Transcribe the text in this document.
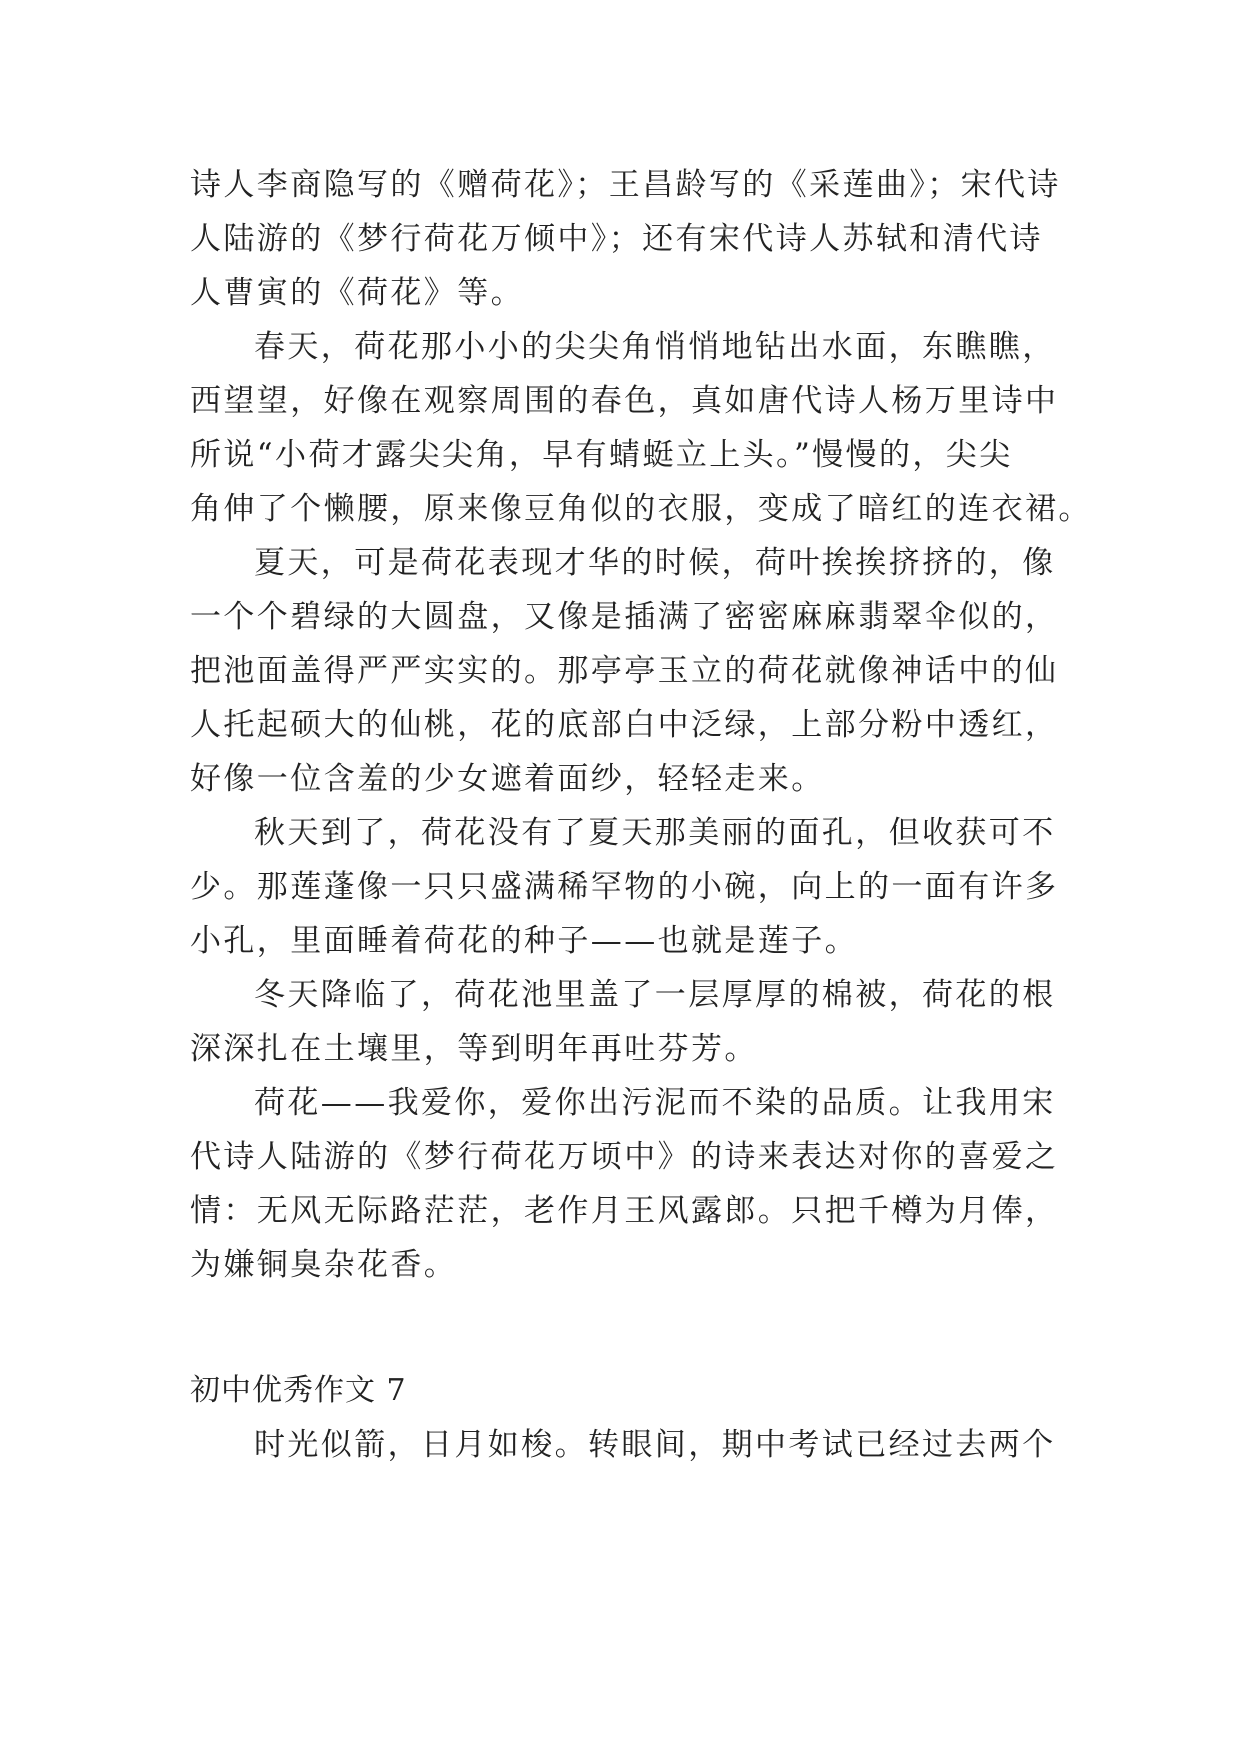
诗人李商隐写的《赠荷花》；王昌龄写的《采莲曲》；宋代诗
人陆游的《梦行荷花万倾中》；还有宋代诗人苏轼和清代诗
人曹寅的《荷花》等。
春天，荷花那小小的尖尖角悄悄地钻出水面，东瞧瞧，
西望望，好像在观察周围的春色，真如唐代诗人杨万里诗中
所说“小荷才露尖尖角，早有蜻蜓立上头。”慢慢的，尖尖
角伸了个懒腰，原来像豆角似的衣服，变成了暗红的连衣裙。
夏天，可是荷花表现才华的时候，荷叶挨挨挤挤的，像
一个个碧绿的大圆盘，又像是插满了密密麻麻翡翠伞似的，
把池面盖得严严实实的。那亭亭玉立的荷花就像神话中的仙
人托起硕大的仙桃，花的底部白中泛绿，上部分粉中透红，
好像一位含羞的少女遮着面纱，轻轻走来。
秋天到了，荷花没有了夏天那美丽的面孔，但收获可不
少。那莲蓬像一只只盛满稀罕物的小碗，向上的一面有许多
小孔，里面睡着荷花的种子——也就是莲子。
冬天降临了，荷花池里盖了一层厚厚的棉被，荷花的根
深深扎在土壤里，等到明年再吐芬芳。
荷花——我爱你，爱你出污泥而不染的品质。让我用宋
代诗人陆游的《梦行荷花万顷中》的诗来表达对你的喜爱之
情：无风无际路茫茫，老作月王风露郎。只把千樽为月俸，
为嫌铜臭杂花香。
初中优秀作文 7
时光似箭，日月如梭。转眼间，期中考试已经过去两个
